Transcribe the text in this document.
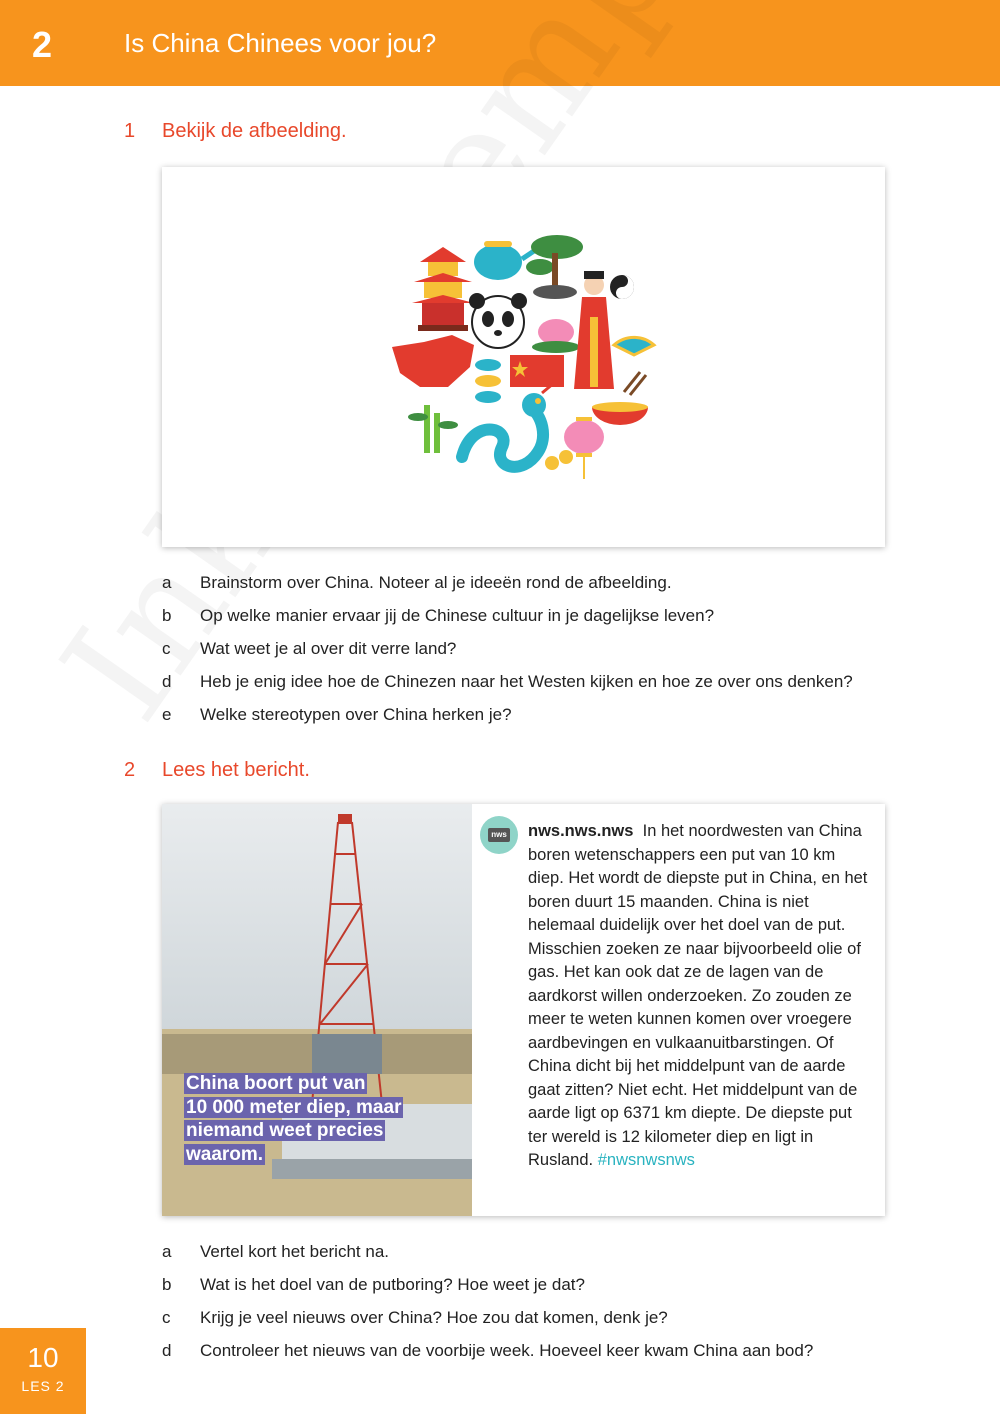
2	Is China Chinees voor jou?
1 Bekijk de afbeelding.
a Brainstorm over China. Noteer al je ideeën rond de afbeelding.
b Op welke manier ervaar jij de Chinese cultuur in je dagelijkse leven?
c Wat weet je al over dit verre land?
d Heb je enig idee hoe de Chinezen naar het Westen kijken en hoe ze over ons denken?
e Welke stereotypen over China herken je?
2 Lees het bericht.
China boort put van
10 000 meter diep, maar
niemand weet precies
waarom.
nws nws.nws.nws In het noordwesten van China boren wetenschappers een put van 10 km diep. Het wordt de diepste put in China, en het boren duurt 15 maanden. China is niet helemaal duidelijk over het doel van de put. Misschien zoeken ze naar bijvoorbeeld olie of gas. Het kan ook dat ze de lagen van de aardkorst willen onderzoeken. Zo zouden ze meer te weten kunnen komen over vroegere aardbevingen en vulkaanuitbarstingen. Of China dicht bij het middelpunt van de aarde gaat zitten? Niet echt. Het middelpunt van de aarde ligt op 6371 km diepte. De diepste put ter wereld is 12 kilometer diep en ligt in Rusland. #nwsnwsnws
a Vertel kort het bericht na.
b Wat is het doel van de putboring? Hoe weet je dat?
c Krijg je veel nieuws over China? Hoe zou dat komen, denk je?
d Controleer het nieuws van de voorbije week. Hoeveel keer kwam China aan bod?
10
LES 2
